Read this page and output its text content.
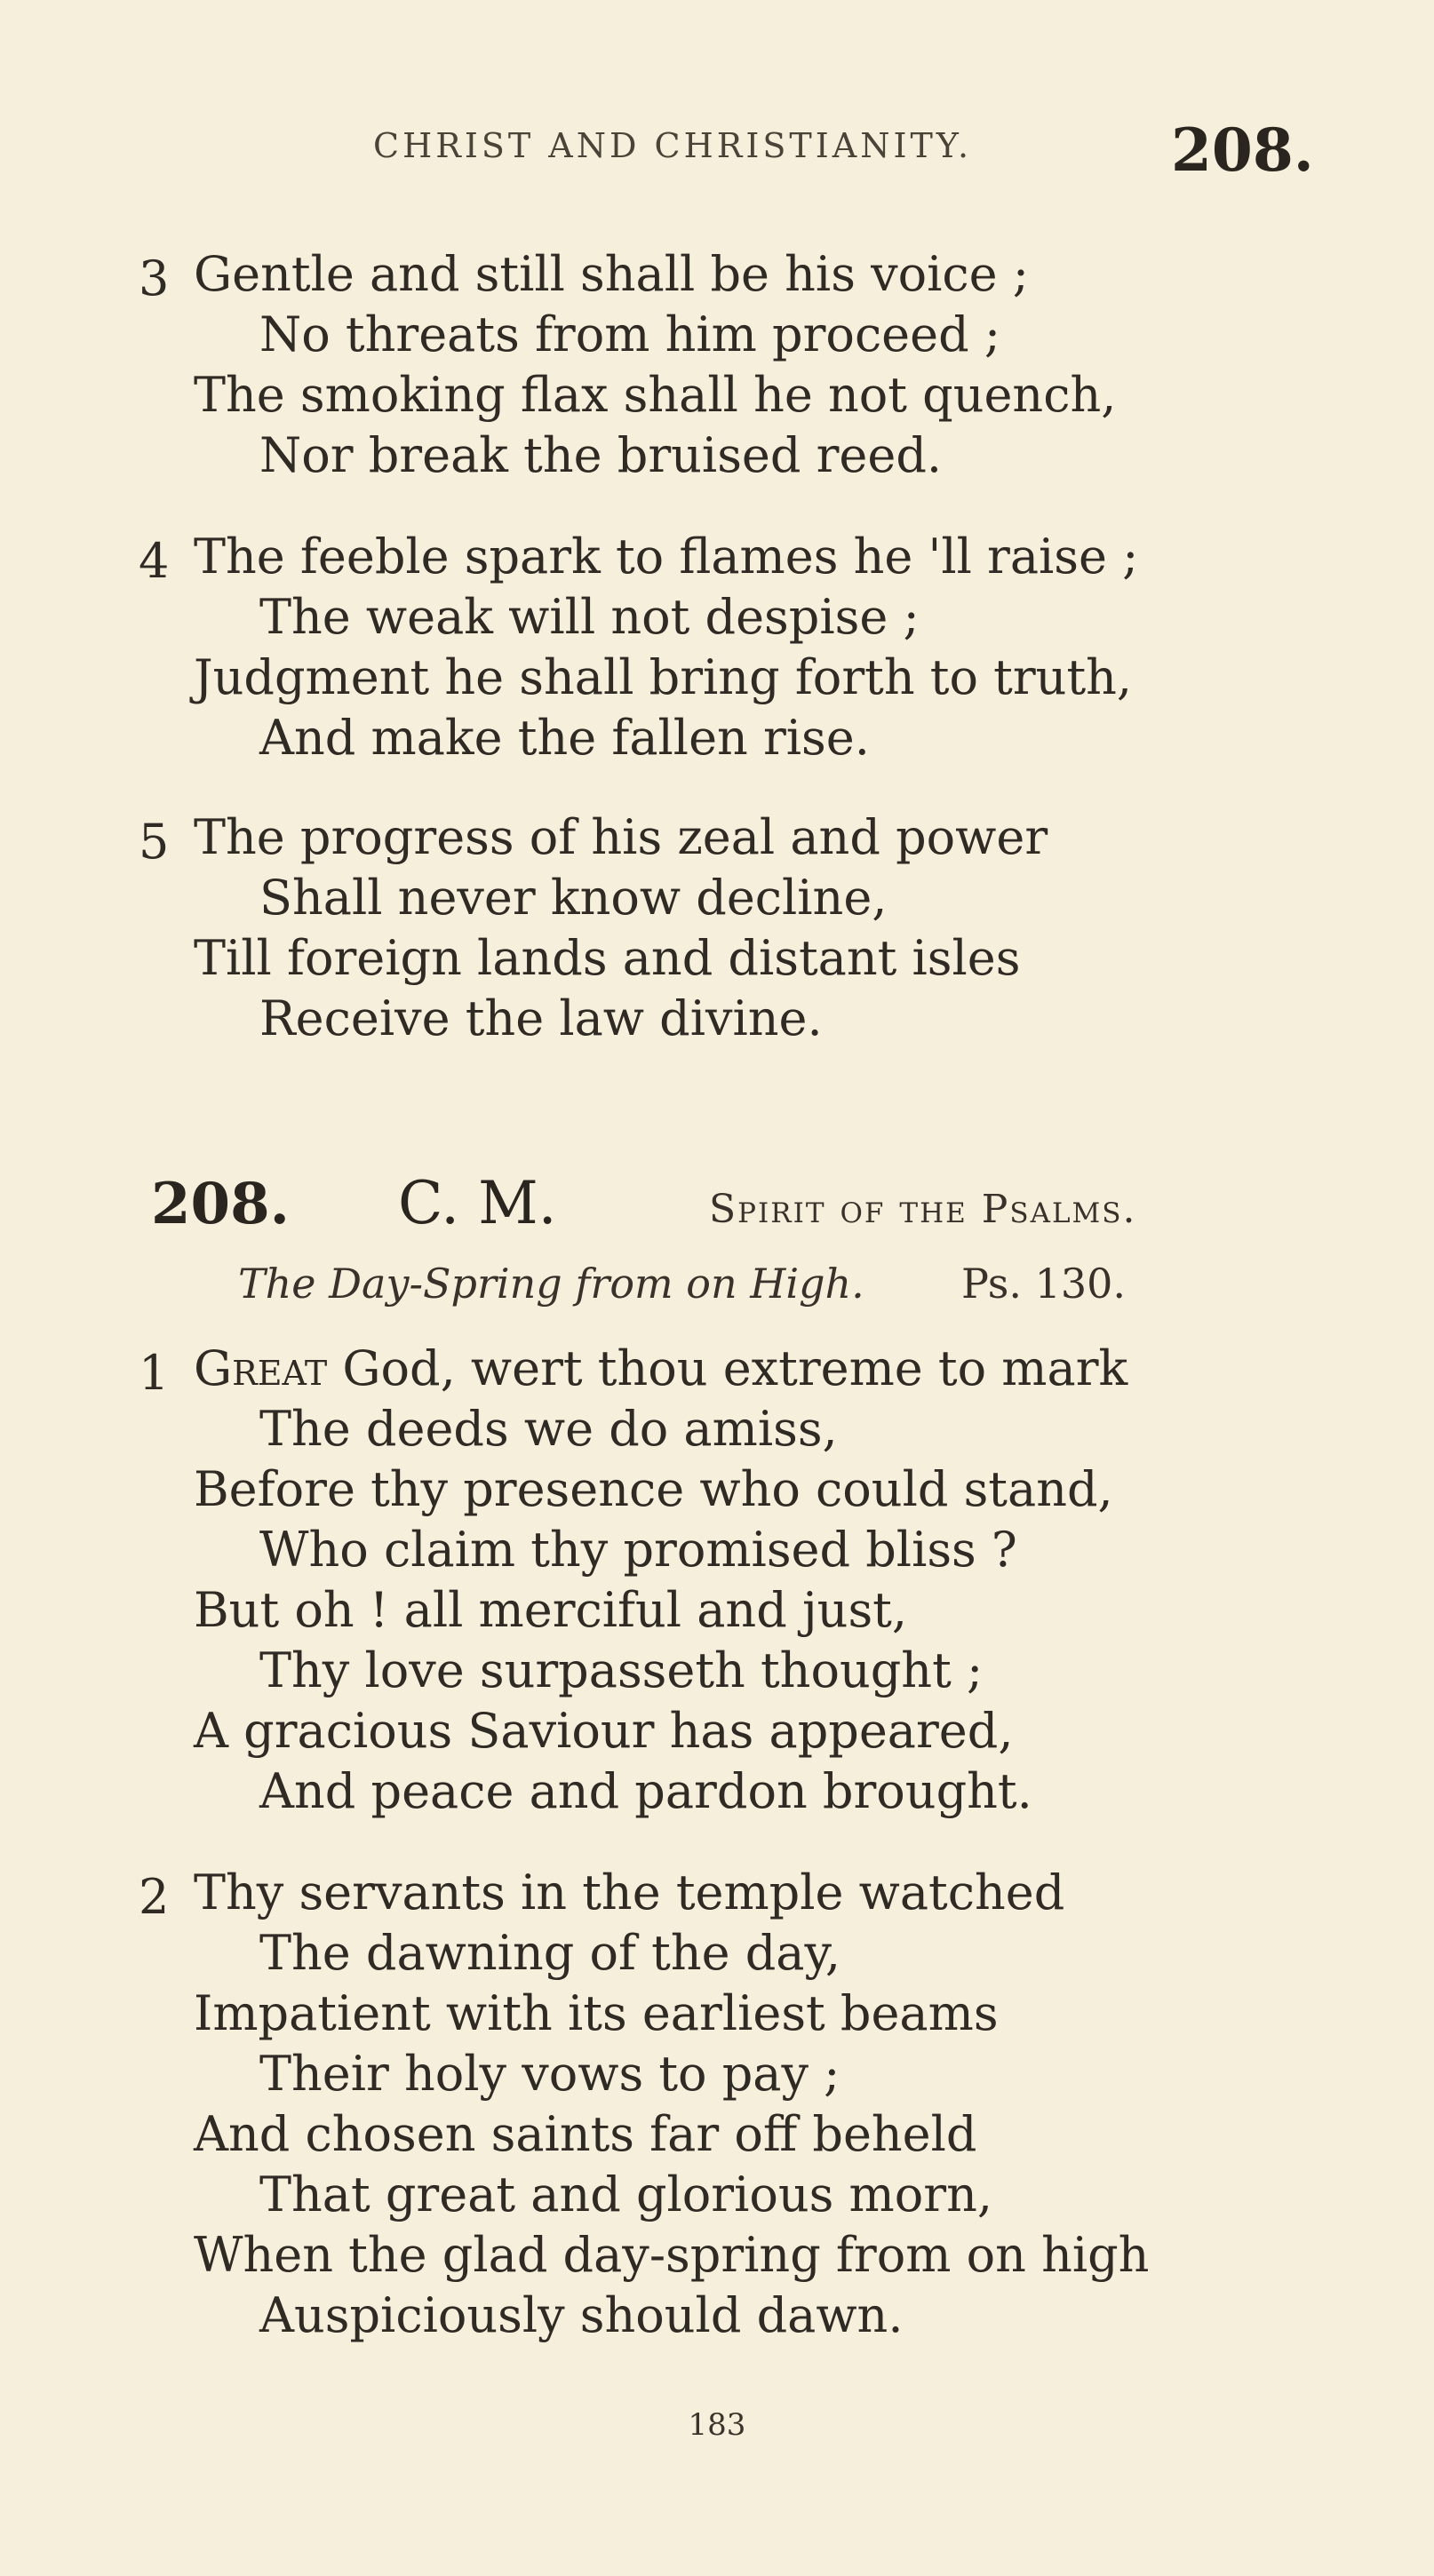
CHRIST AND CHRISTIANITY.	208.
3 Gentle and still shall be his voice ;
No threats from him proceed ;
The smoking flax shall he not quench,
Nor break the bruised reed.
4 The feeble spark to flames he 'll raise ;
The weak will not despise ;
Judgment he shall bring forth to truth,
And make the fallen rise.
5 The progress of his zeal and power
Shall never know decline,
Till foreign lands and distant isles
Receive the law divine.
208. C. M.	Spirit of the Psalms.
The Day-Spring from on High. Ps. 130.
1 Great God, wert thou extreme to mark
The deeds we do amiss,
Before thy presence who could stand,
Who claim thy promised bliss ?
But oh ! all merciful and just,
Thy love surpasseth thought ;
A gracious Saviour has appeared,
And peace and pardon brought.
2 Thy servants in the temple watched
The dawning of the day,
Impatient with its earliest beams
Their holy vows to pay ;
And chosen saints far off beheld
That great and glorious morn,
When the glad day-spring from on high
Auspiciously should dawn.
183
